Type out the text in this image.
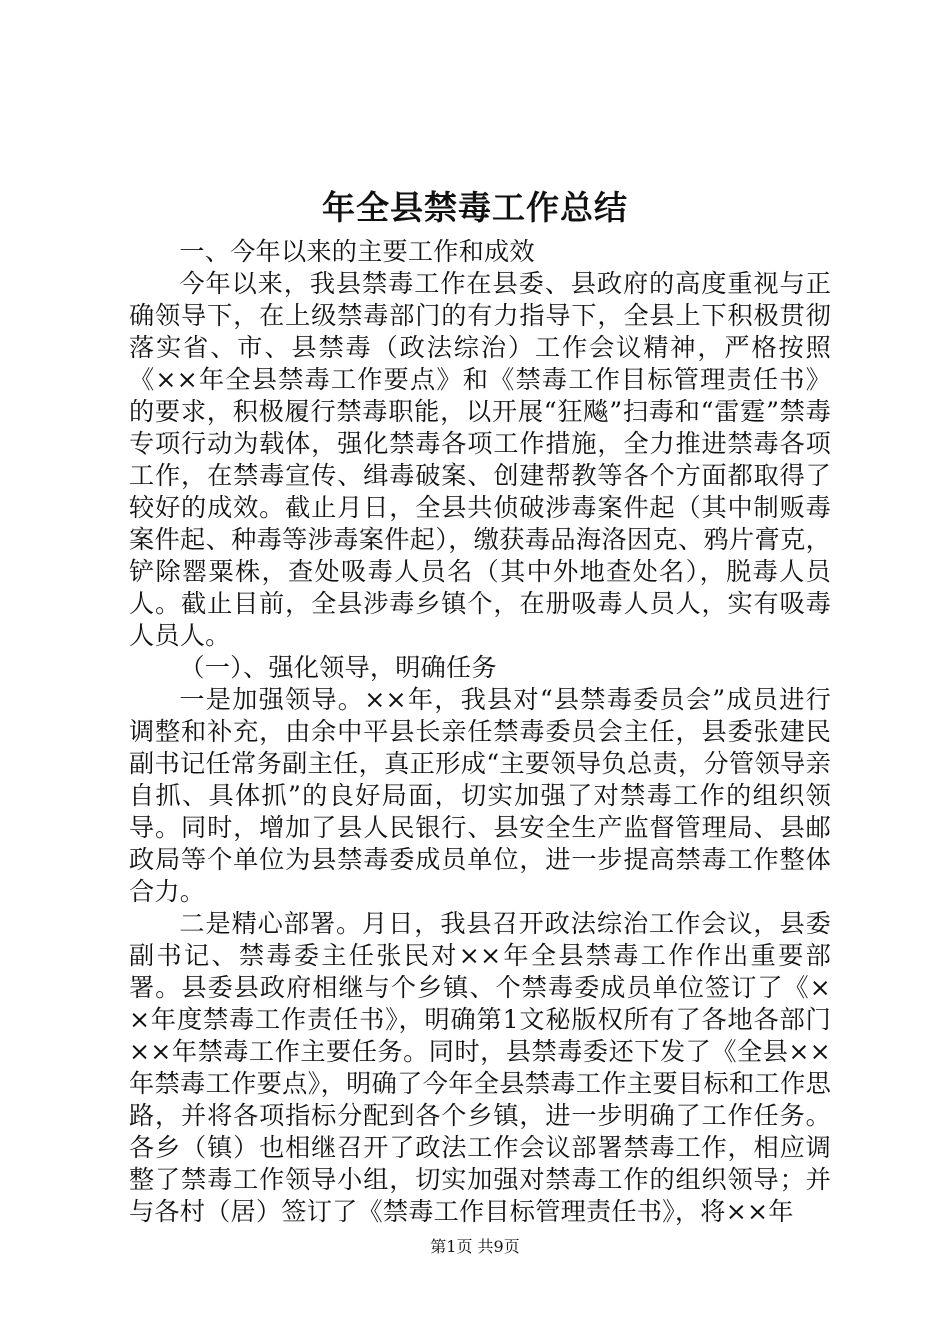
年全县禁毒工作总结

一、今年以来的主要工作和成效

今年以来，我县禁毒工作在县委、县政府的高度重视与正确领导下，在上级禁毒部门的有力指导下，全县上下积极贯彻落实省、市、县禁毒（政法综治）工作会议精神，严格按照《××年全县禁毒工作要点》和《禁毒工作目标管理责任书》的要求，积极履行禁毒职能，以开展“狂飚”扫毒和“雷霆”禁毒专项行动为载体，强化禁毒各项工作措施，全力推进禁毒各项工作，在禁毒宣传、缉毒破案、创建帮教等各个方面都取得了较好的成效。截止月日，全县共侦破涉毒案件起（其中制贩毒案件起、种毒等涉毒案件起），缴获毒品海洛因克、鸦片膏克，铲除罂粟株，查处吸毒人员名（其中外地查处名），脱毒人员人。截止目前，全县涉毒乡镇个，在册吸毒人员人，实有吸毒人员人。

（一）、强化领导，明确任务

一是加强领导。××年，我县对“县禁毒委员会”成员进行调整和补充，由余中平县长亲任禁毒委员会主任，县委张建民副书记任常务副主任，真正形成“主要领导负总责，分管领导亲自抓、具体抓”的良好局面，切实加强了对禁毒工作的组织领导。同时，增加了县人民银行、县安全生产监督管理局、县邮政局等个单位为县禁毒委成员单位，进一步提高禁毒工作整体合力。

二是精心部署。月日，我县召开政法综治工作会议，县委副书记、禁毒委主任张民对××年全县禁毒工作作出重要部署。县委县政府相继与个乡镇、个禁毒委成员单位签订了《××年度禁毒工作责任书》，明确第1文秘版权所有了各地各部门××年禁毒工作主要任务。同时，县禁毒委还下发了《全县××年禁毒工作要点》，明确了今年全县禁毒工作主要目标和工作思路，并将各项指标分配到各个乡镇，进一步明确了工作任务。各乡（镇）也相继召开了政法工作会议部署禁毒工作，相应调整了禁毒工作领导小组，切实加强对禁毒工作的组织领导；并与各村（居）签订了《禁毒工作目标管理责任书》，将××年

第1页 共9页
